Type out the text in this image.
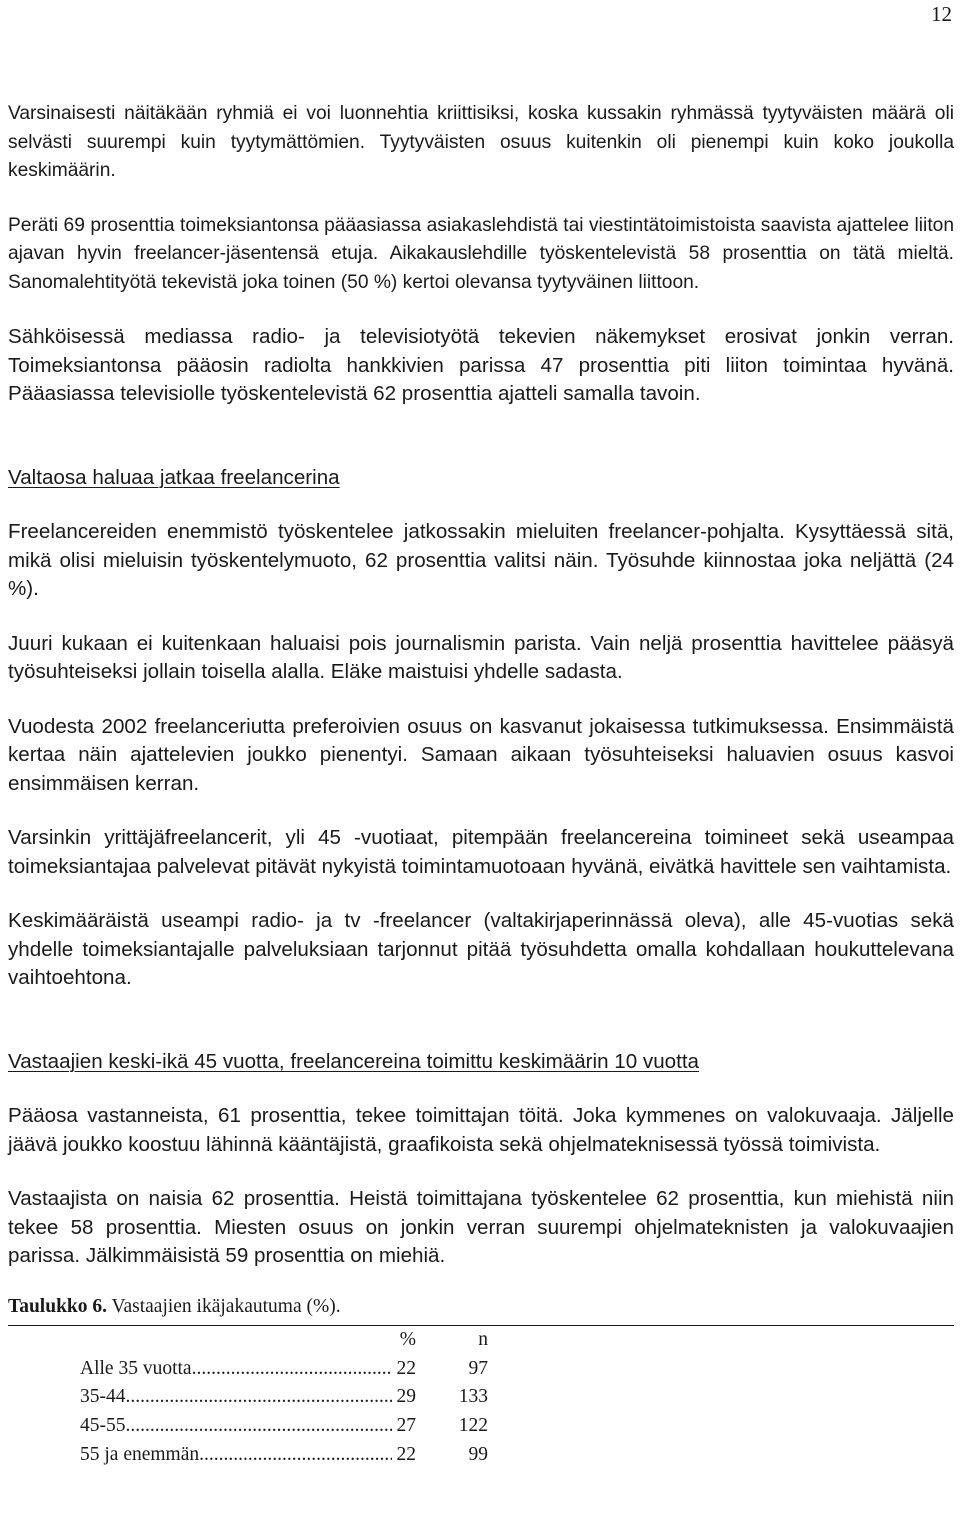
12

Varsinaisesti näitäkään ryhmiä ei voi luonnehtia kriittisiksi, koska kussakin ryhmässä tyytyväisten määrä oli selvästi suurempi kuin tyytymättömien. Tyytyväisten osuus kuitenkin oli pienempi kuin koko joukolla keskimäärin.

Peräti 69 prosenttia toimeksiantonsa pääasiassa asiakaslehdistä tai viestintätoimistoista saavista ajattelee liiton ajavan hyvin freelancer-jäsentensä etuja. Aikakauslehdille työskentelevistä 58 prosenttia on tätä mieltä. Sanomalehtityötä tekevistä joka toinen (50 %) kertoi olevansa tyytyväinen liittoon.

Sähköisessä mediassa radio- ja televisiotyötä tekevien näkemykset erosivat jonkin verran. Toimeksiantonsa pääosin radiolta hankkivien parissa 47 prosenttia piti liiton toimintaa hyvänä. Pääasiassa televisiolle työskentelevistä 62 prosenttia ajatteli samalla tavoin.

Valtaosa haluaa jatkaa freelancerina

Freelancereiden enemmistö työskentelee jatkossakin mieluiten freelancer-pohjalta. Kysyttäessä sitä, mikä olisi mieluisin työskentelymuoto, 62 prosenttia valitsi näin. Työsuhde kiinnostaa joka neljättä (24 %).

Juuri kukaan ei kuitenkaan haluaisi pois journalismin parista. Vain neljä prosenttia havittelee pääsyä työsuhteiseksi jollain toisella alalla. Eläke maistuisi yhdelle sadasta.

Vuodesta 2002 freelanceriutta preferoivien osuus on kasvanut jokaisessa tutkimuksessa. Ensimmäistä kertaa näin ajattelevien joukko pienentyi. Samaan aikaan työsuhteiseksi haluavien osuus kasvoi ensimmäisen kerran.

Varsinkin yrittäjäfreelancerit, yli 45 -vuotiaat, pitempään freelancereina toimineet sekä useampaa toimeksiantajaa palvelevat pitävät nykyistä toimintamuotoaan hyvänä, eivätkä havittele sen vaihtamista.

Keskimääräistä useampi radio- ja tv -freelancer (valtakirjaperinnässä oleva), alle 45-vuotias sekä yhdelle toimeksiantajalle palveluksiaan tarjonnut pitää työsuhdetta omalla kohdallaan houkuttelevana vaihtoehtona.

Vastaajien keski-ikä 45 vuotta, freelancereina toimittu keskimäärin 10 vuotta

Pääosa vastanneista, 61 prosenttia, tekee toimittajan töitä. Joka kymmenes on valokuvaaja. Jäljelle jäävä joukko koostuu lähinnä kääntäjistä, graafikoista sekä ohjelmateknisessä työssä toimivista.

Vastaajista on naisia 62 prosenttia. Heistä toimittajana työskentelee 62 prosenttia, kun miehistä niin tekee 58 prosenttia. Miesten osuus on jonkin verran suurempi ohjelmateknisten ja valokuvaajien parissa. Jälkimmäisistä 59 prosenttia on miehiä.

Taulukko 6. Vastaajien ikäjakautuma (%).
	%	n

Alle 35 vuotta
.....	22	97

35-44
.....	29	133

45-55
.....	27	122

55 ja enemmän
.....	22	99
